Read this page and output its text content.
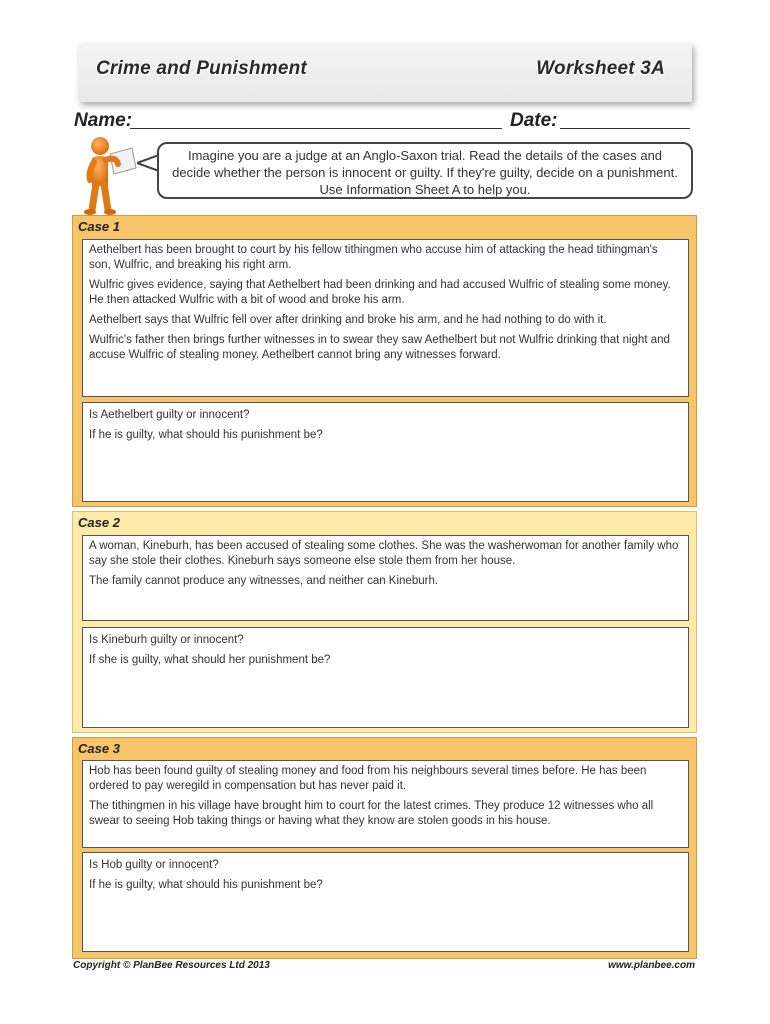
Crime and Punishment	Worksheet 3A
Name:	Date:
Imagine you are a judge at an Anglo-Saxon trial. Read the details of the cases and decide whether the person is innocent or guilty. If they're guilty, decide on a punishment. Use Information Sheet A to help you.
Case 1

Aethelbert has been brought to court by his fellow tithingmen who accuse him of attacking the head tithingman's son, Wulfric, and breaking his right arm.

Wulfric gives evidence, saying that Aethelbert had been drinking and had accused Wulfric of stealing some money. He then attacked Wulfric with a bit of wood and broke his arm.

Aethelbert says that Wulfric fell over after drinking and broke his arm, and he had nothing to do with it.

Wulfric's father then brings further witnesses in to swear they saw Aethelbert but not Wulfric drinking that night and accuse Wulfric of stealing money. Aethelbert cannot bring any witnesses forward.

Is Aethelbert guilty or innocent?

If he is guilty, what should his punishment be?

Case 2

A woman, Kineburh, has been accused of stealing some clothes. She was the washerwoman for another family who say she stole their clothes. Kineburh says someone else stole them from her house.

The family cannot produce any witnesses, and neither can Kineburh.

Is Kineburh guilty or innocent?

If she is guilty, what should her punishment be?

Case 3

Hob has been found guilty of stealing money and food from his neighbours several times before. He has been ordered to pay weregild in compensation but has never paid it.

The tithingmen in his village have brought him to court for the latest crimes. They produce 12 witnesses who all swear to seeing Hob taking things or having what they know are stolen goods in his house.

Is Hob guilty or innocent?

If he is guilty, what should his punishment be?

Copyright © PlanBee Resources Ltd 2013	www.planbee.com
